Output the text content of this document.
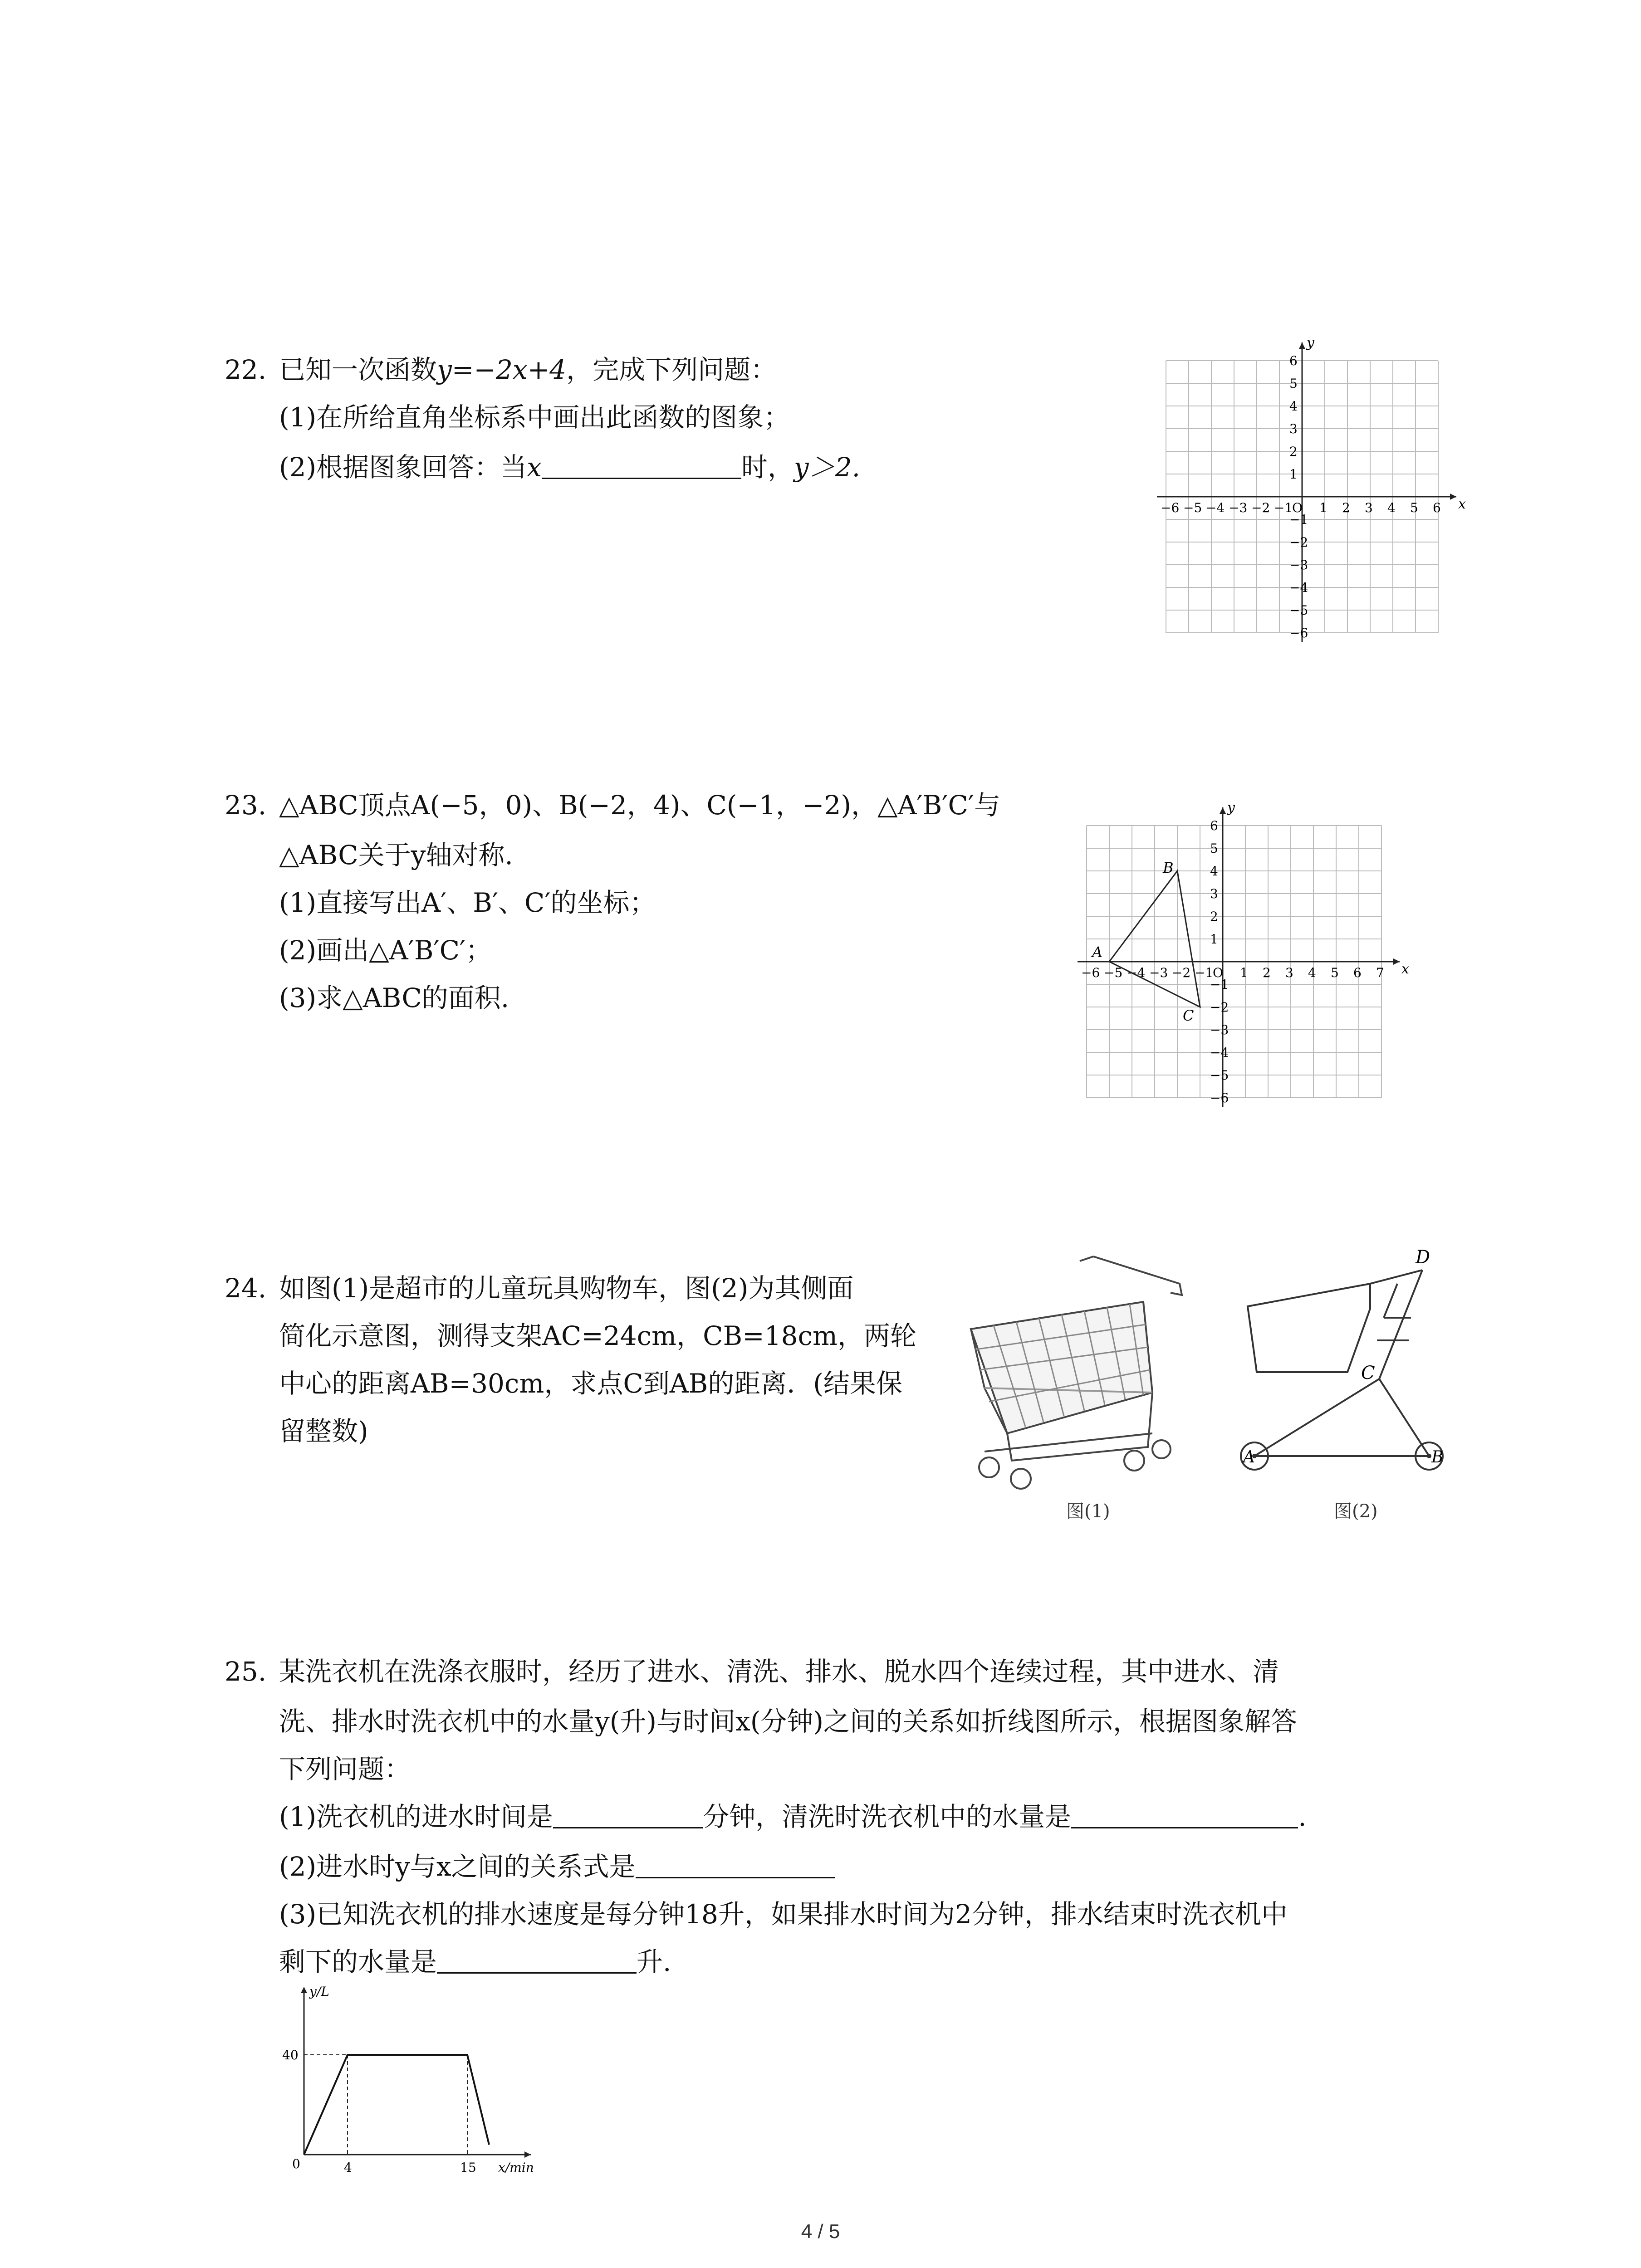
22. 已知一次函数y=−2x+4，完成下列问题：
(1)在所给直角坐标系中画出此函数的图象；
(2)根据图象回答：当x	时，y＞2.
x
y
−6 −5 −4 −3 −2 −1
O 1 2 3 4 5 6
6
5
4
3
2
1
−1
−2
−3
−4
−5
−6
23. △ABC顶点A(−5，0)、B(−2，4)、C(−1，−2)，△A′B′C′与
△ABC关于y轴对称.
(1)直接写出A′、B′、C′的坐标；
(2)画出△A′B′C′；
(3)求△ABC的面积.
x
y
−6 −5 −4 −3 −2 −1
O 1 2 3 4 5 6 7
6
5
4
3
2
1
−1
−2
−3
−4
−5
−6
A
B
C
24. 如图(1)是超市的儿童玩具购物车，图(2)为其侧面
简化示意图，测得支架AC=24cm，CB=18cm，两轮
中心的距离AB=30cm，求点C到AB的距离．(结果保
留整数)
图(1)
D
C
A	B
图(2)
25. 某洗衣机在洗涤衣服时，经历了进水、清洗、排水、脱水四个连续过程，其中进水、清
洗、排水时洗衣机中的水量y(升)与时间x(分钟)之间的关系如折线图所示，根据图象解答
下列问题：
(1)洗衣机的进水时间是	分钟，清洗时洗衣机中的水量是	.
(2)进水时y与x之间的关系式是
(3)已知洗衣机的排水速度是每分钟18升，如果排水时间为2分钟，排水结束时洗衣机中
剩下的水量是	升.
y/L
x/min
40
0	4	15
4 / 5
